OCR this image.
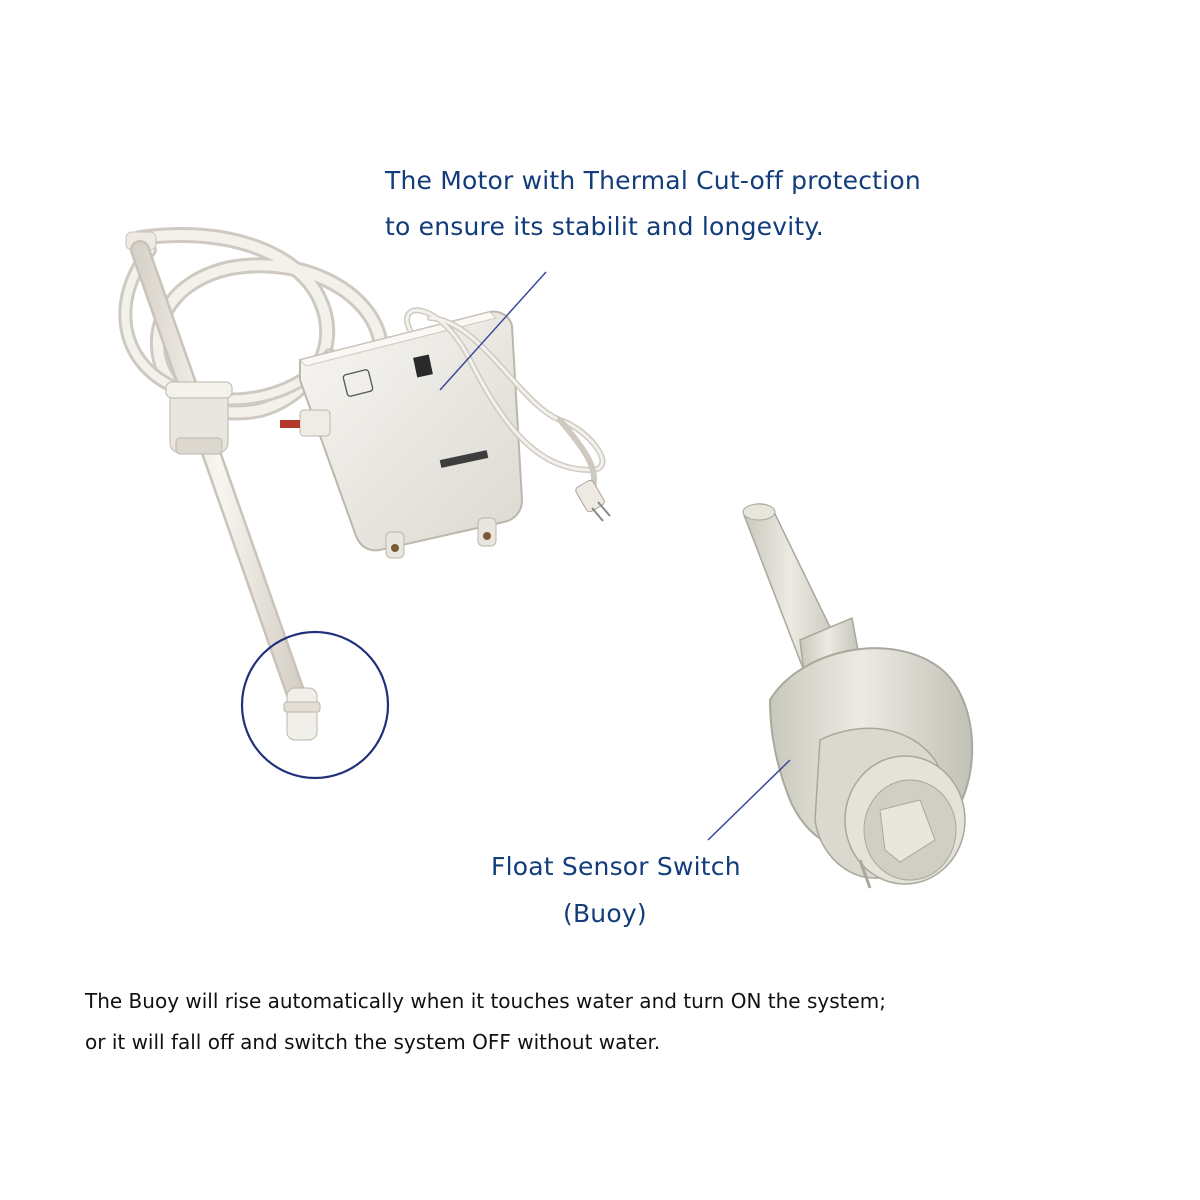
The Motor with Thermal Cut-off protection
to ensure its stabilit and longevity.
Float Sensor Switch
(Buoy)
The Buoy will rise automatically when it touches water and turn ON the system;
or it will fall off and switch the system OFF without water.
